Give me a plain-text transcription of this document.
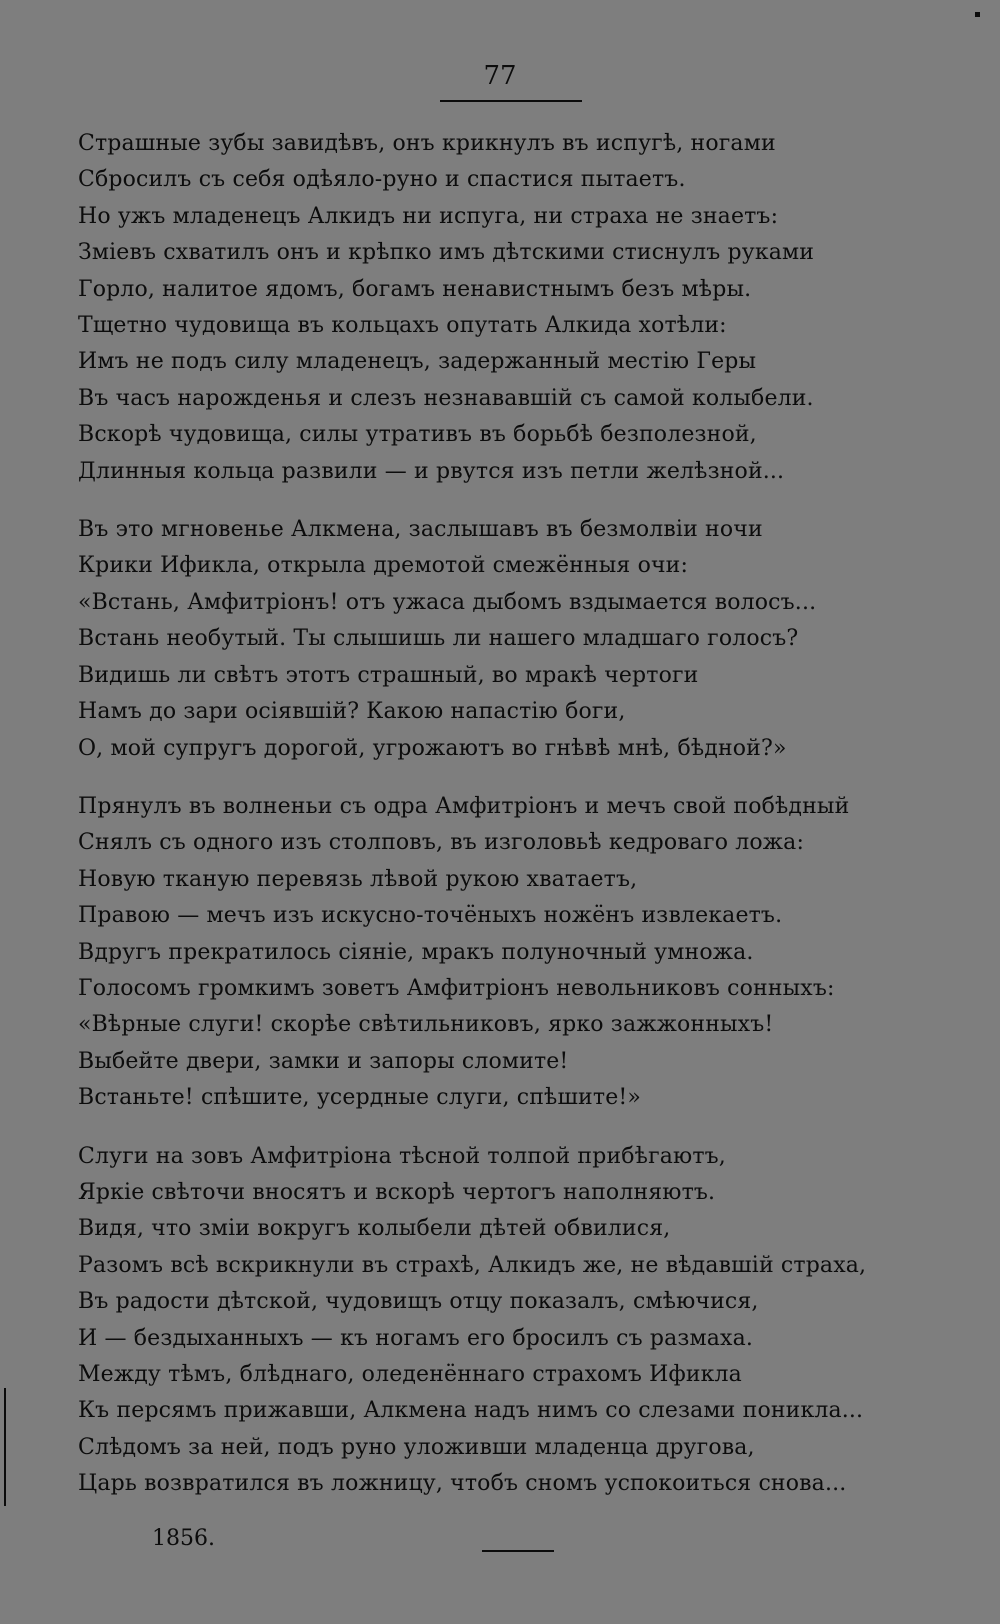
77
Страшные зубы завидѣвъ, онъ крикнулъ въ испугѣ, ногами
Сбросилъ съ себя одѣяло-руно и спастися пытаетъ.
Но ужъ младенецъ Алкидъ ни испуга, ни страха не знаетъ:
Зміевъ схватилъ онъ и крѣпко имъ дѣтскими стиснулъ руками
Горло, налитое ядомъ, богамъ ненавистнымъ безъ мѣры.
Тщетно чудовища въ кольцахъ опутать Алкида хотѣли:
Имъ не подъ силу младенецъ, задержанный местію Геры
Въ часъ нарожденья и слезъ незнававшій съ самой колыбели.
Вскорѣ чудовища, силы утративъ въ борьбѣ безполезной,
Длинныя кольца развили — и рвутся изъ петли желѣзной...
Въ это мгновенье Алкмена, заслышавъ въ безмолвіи ночи
Крики Ификла, открыла дремотой смежённыя очи:
«Встань, Амфитріонъ! отъ ужаса дыбомъ вздымается волосъ...
Встань необутый. Ты слышишь ли нашего младшаго голосъ?
Видишь ли свѣтъ этотъ страшный, во мракѣ чертоги
Намъ до зари осіявшій? Какою напастію боги,
О, мой супругъ дорогой, угрожаютъ во гнѣвѣ мнѣ, бѣдной?»
Прянулъ въ волненьи съ одра Амфитріонъ и мечъ свой побѣдный
Снялъ съ одного изъ столповъ, въ изголовьѣ кедроваго ложа:
Новую тканую перевязь лѣвой рукою хватаетъ,
Правою — мечъ изъ искусно-точёныхъ ножёнъ извлекаетъ.
Вдругъ прекратилось сіяніе, мракъ полуночный умножа.
Голосомъ громкимъ зоветъ Амфитріонъ невольниковъ сонныхъ:
«Вѣрные слуги! скорѣе свѣтильниковъ, ярко зажжонныхъ!
Выбейте двери, замки и запоры сломите!
Встаньте! спѣшите, усердные слуги, спѣшите!»
Слуги на зовъ Амфитріона тѣсной толпой прибѣгаютъ,
Яркіе свѣточи вносятъ и вскорѣ чертогъ наполняютъ.
Видя, что зміи вокругъ колыбели дѣтей обвилися,
Разомъ всѣ вскрикнули въ страхѣ, Алкидъ же, не вѣдавшій страха,
Въ радости дѣтской, чудовищъ отцу показалъ, смѣючися,
И — бездыханныхъ — къ ногамъ его бросилъ съ размаха.
Между тѣмъ, блѣднаго, оледенённаго страхомъ Ификла
Къ персямъ прижавши, Алкмена надъ нимъ со слезами поникла...
Слѣдомъ за ней, подъ руно уложивши младенца другова,
Царь возвратился въ ложницу, чтобъ сномъ успокоиться снова...
1856.
